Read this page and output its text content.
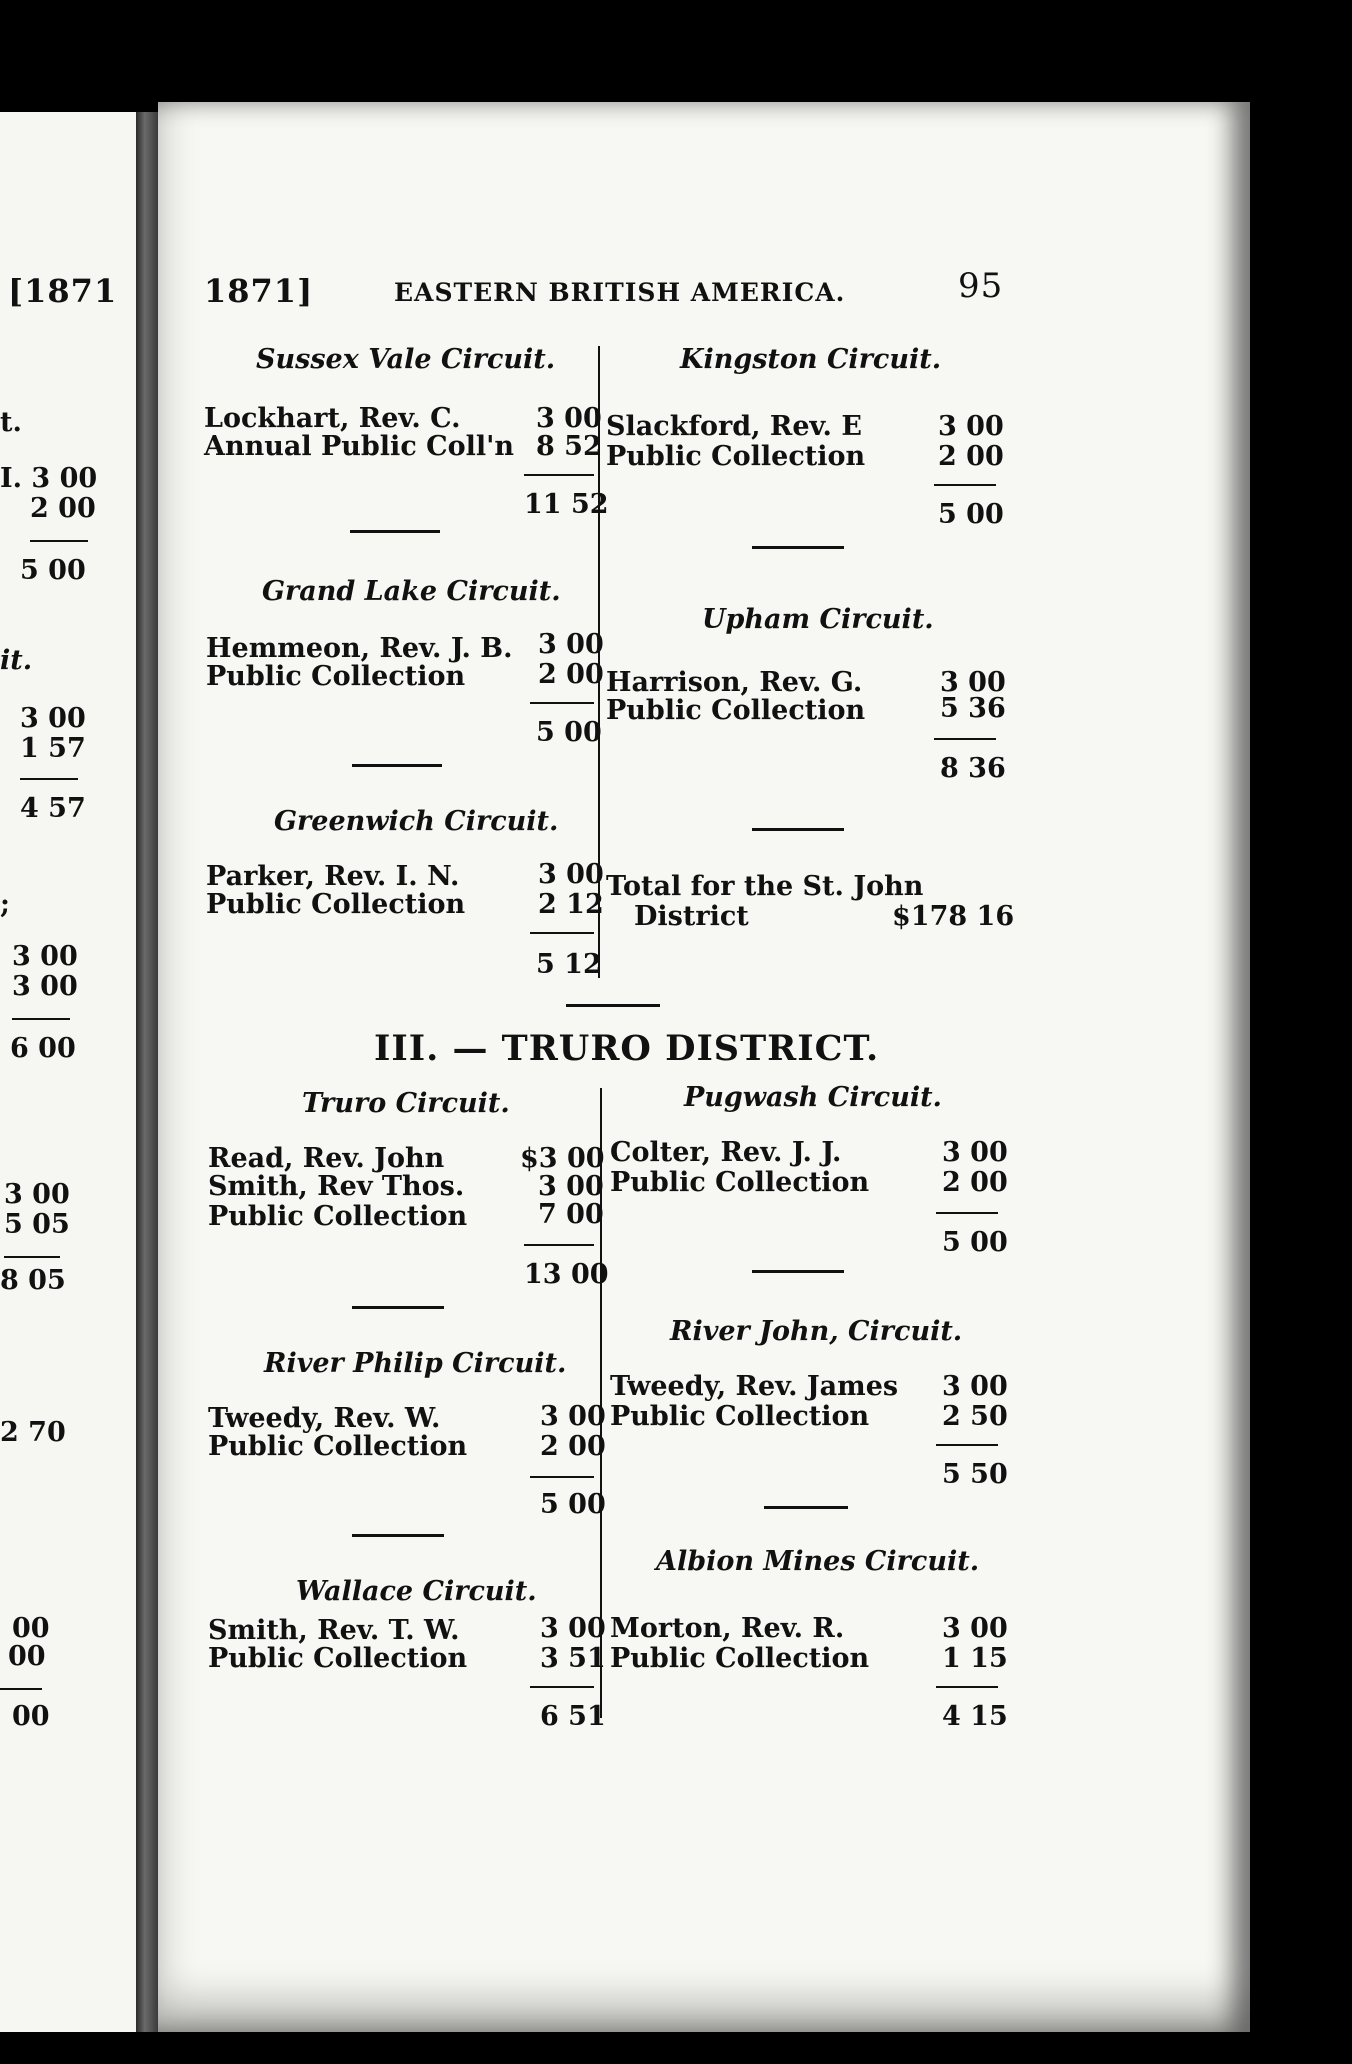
[1871
t.
I. 3 00
2 00
5 00
it.
3 00
1 57
4 57
;
3 00
3 00
6 00
3 00
5 05
8 05
2 70
00
00
00
1871]	EASTERN BRITISH AMERICA.	95
Sussex Vale Circuit.
Lockhart, Rev. C.	3 00
Annual Public Coll'n 8 52
11 52
Grand Lake Circuit.
Hemmeon, Rev. J. B. 3 00
Public Collection	2 00
5 00
Greenwich Circuit.
Parker, Rev. I. N.	3 00
Public Collection	2 12
5 12
Kingston Circuit.
Slackford, Rev. E	3 00
Public Collection	2 00
5 00
Upham Circuit.
Harrison, Rev. G.	3 00
Public Collection	5 36
8 36
Total for the St. John
District	$178 16
III. — TRURO DISTRICT.
Truro Circuit.
Read, Rev. John	$3 00
Smith, Rev Thos.	3 00
Public Collection	7 00
13 00
River Philip Circuit.
Tweedy, Rev. W.	3 00
Public Collection	2 00
5 00
Wallace Circuit.
Smith, Rev. T. W.	3 00
Public Collection	3 51
6 51
Pugwash Circuit.
Colter, Rev. J. J.	3 00
Public Collection	2 00
5 00
River John, Circuit.
Tweedy, Rev. James 3 00
Public Collection	2 50
5 50
Albion Mines Circuit.
Morton, Rev. R.	3 00
Public Collection	1 15
4 15
